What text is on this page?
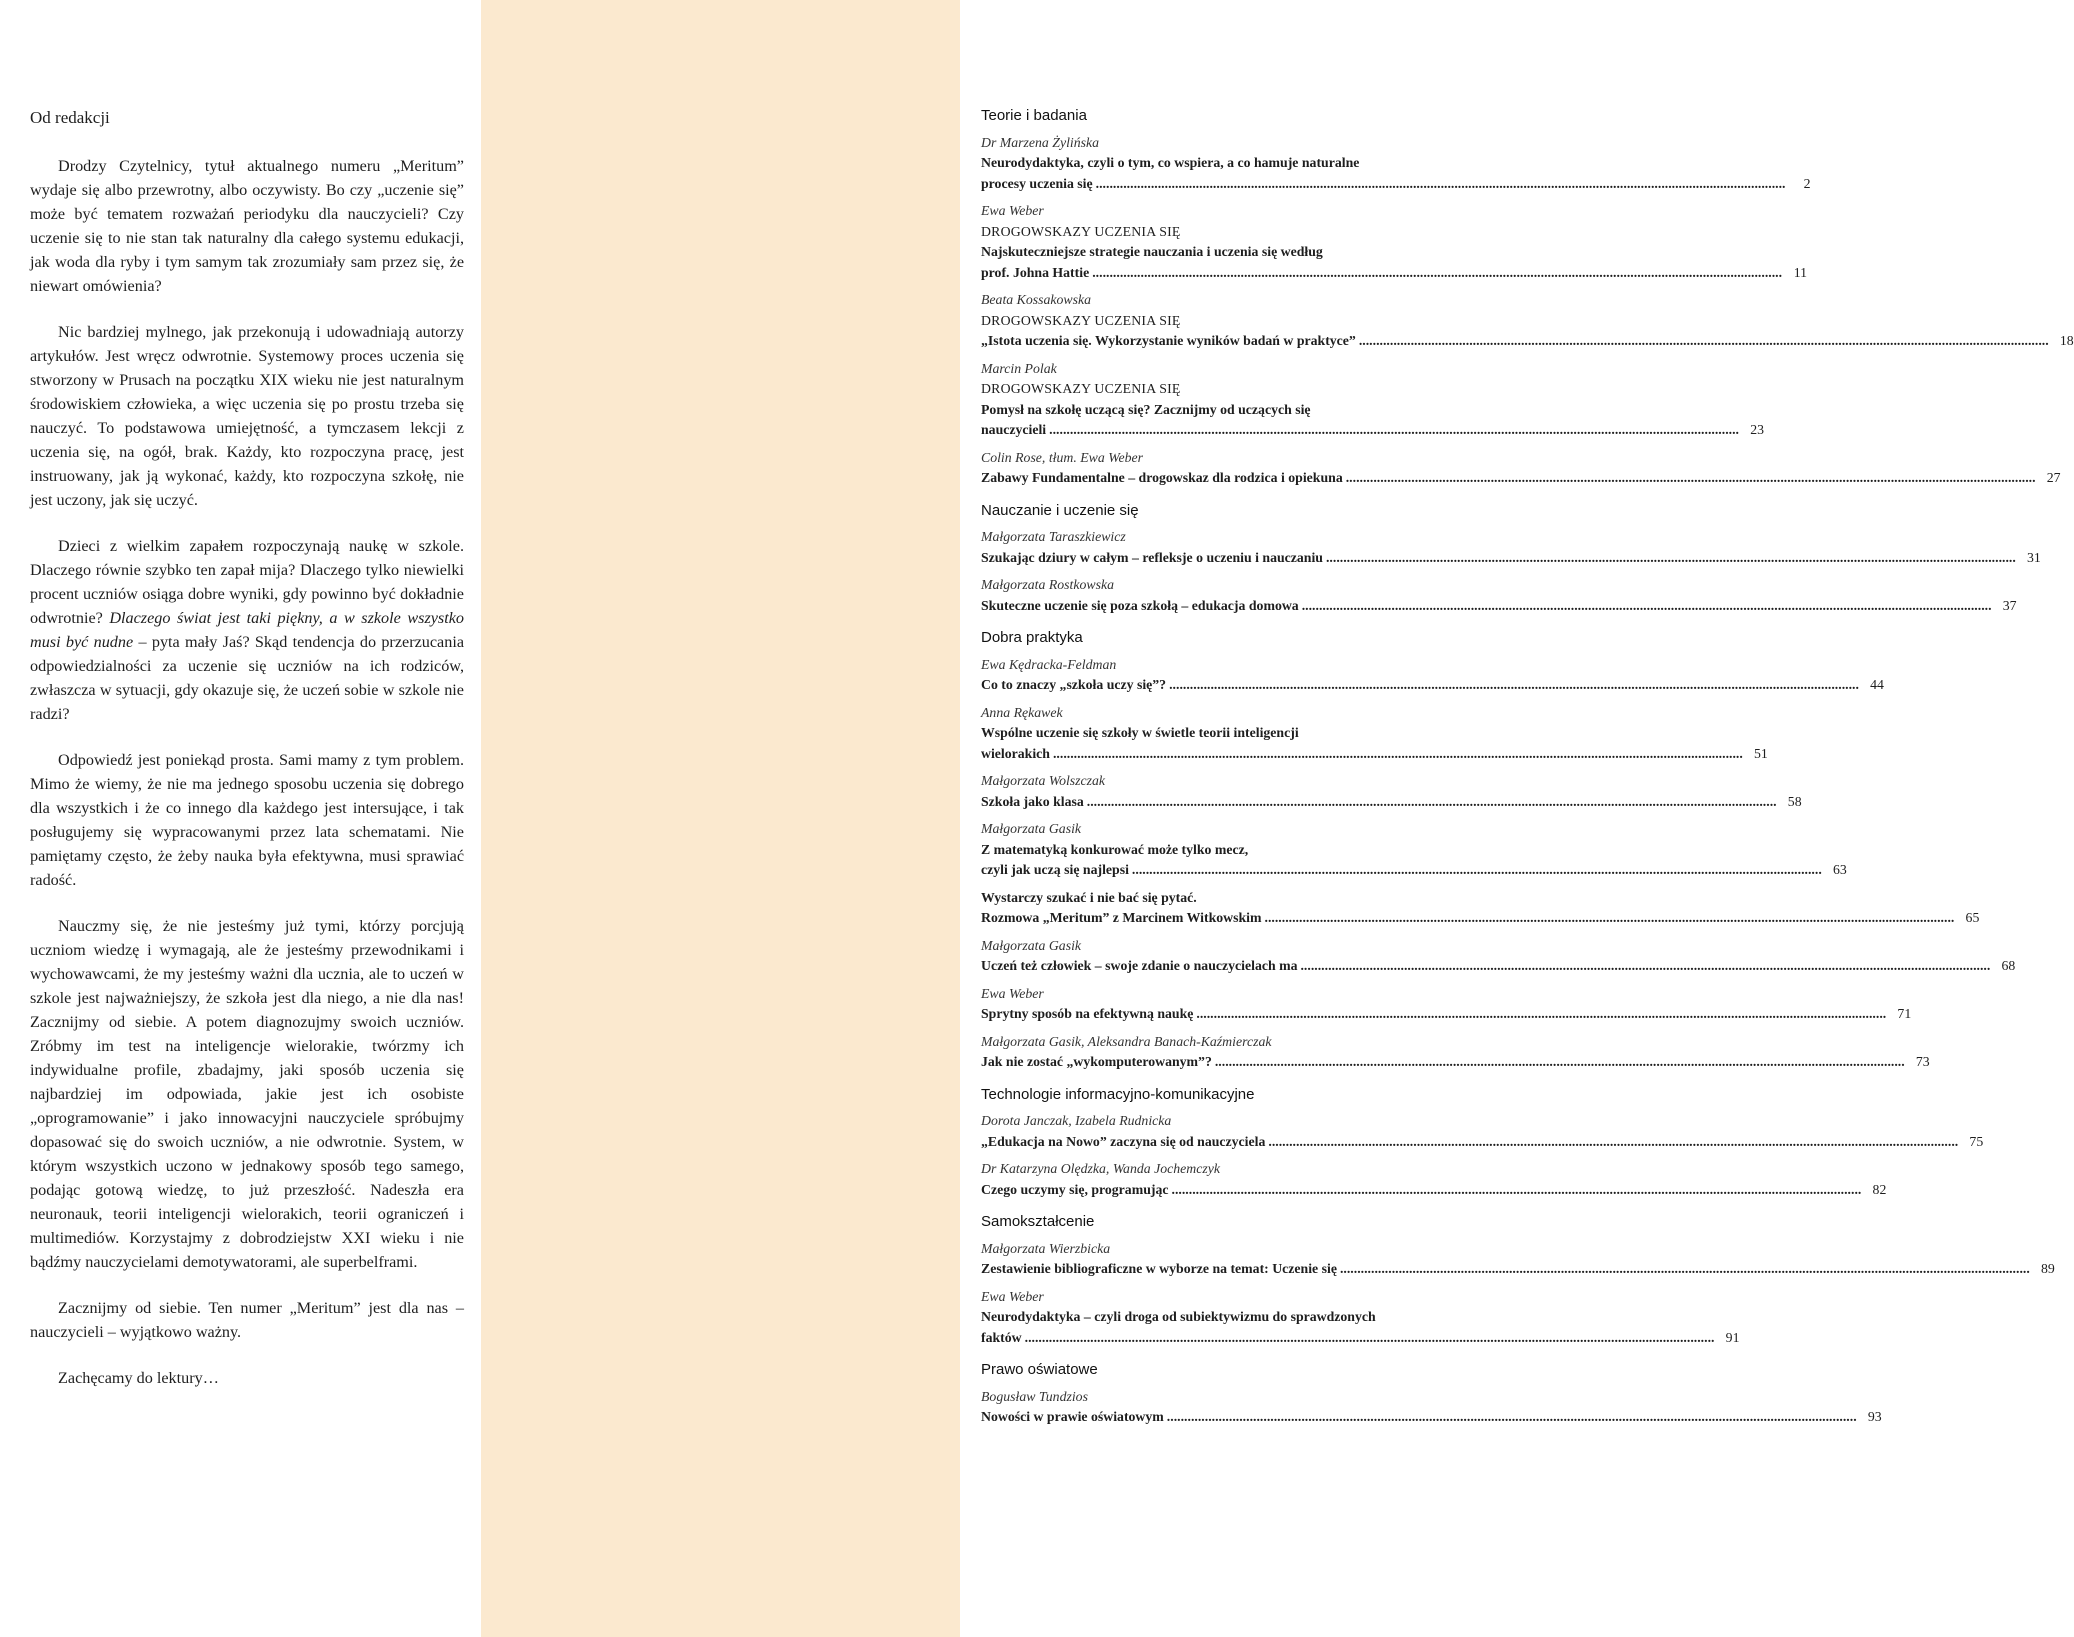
Od redakcji

Drodzy Czytelnicy, tytuł aktualnego numeru „Meritum” wydaje się albo przewrotny, albo oczywisty. Bo czy „uczenie się” może być tematem rozważań periodyku dla nauczycieli? Czy uczenie się to nie stan tak naturalny dla całego systemu edukacji, jak woda dla ryby i tym samym tak zrozumiały sam przez się, że niewart omówienia?

Nic bardziej mylnego, jak przekonują i udowadniają autorzy artykułów. Jest wręcz odwrotnie. Systemowy proces uczenia się stworzony w Prusach na początku XIX wieku nie jest naturalnym środowiskiem człowieka, a więc uczenia się po prostu trzeba się nauczyć. To podstawowa umiejętność, a tymczasem lekcji z uczenia się, na ogół, brak. Każdy, kto rozpoczyna pracę, jest instruowany, jak ją wykonać, każdy, kto rozpoczyna szkołę, nie jest uczony, jak się uczyć.

Dzieci z wielkim zapałem rozpoczynają naukę w szkole. Dlaczego równie szybko ten zapał mija? Dlaczego tylko niewielki procent uczniów osiąga dobre wyniki, gdy powinno być dokładnie odwrotnie? Dlaczego świat jest taki piękny, a w szkole wszystko musi być nudne – pyta mały Jaś? Skąd tendencja do przerzucania odpowiedzialności za uczenie się uczniów na ich rodziców, zwłaszcza w sytuacji, gdy okazuje się, że uczeń sobie w szkole nie radzi?

Odpowiedź jest poniekąd prosta. Sami mamy z tym problem. Mimo że wiemy, że nie ma jednego sposobu uczenia się dobrego dla wszystkich i że co innego dla każdego jest intersujące, i tak posługujemy się wypracowanymi przez lata schematami. Nie pamiętamy często, że żeby nauka była efektywna, musi sprawiać radość.

Nauczmy się, że nie jesteśmy już tymi, którzy porcjują uczniom wiedzę i wymagają, ale że jesteśmy przewodnikami i wychowawcami, że my jesteśmy ważni dla ucznia, ale to uczeń w szkole jest najważniejszy, że szkoła jest dla niego, a nie dla nas! Zacznijmy od siebie. A potem diagnozujmy swoich uczniów. Zróbmy im test na inteligencje wielorakie, twórzmy ich indywidualne profile, zbadajmy, jaki sposób uczenia się najbardziej im odpowiada, jakie jest ich osobiste „oprogramowanie” i jako innowacyjni nauczyciele spróbujmy dopasować się do swoich uczniów, a nie odwrotnie. System, w którym wszystkich uczono w jednakowy sposób tego samego, podając gotową wiedzę, to już przeszłość. Nadeszła era neuronauk, teorii inteligencji wielorakich, teorii ograniczeń i multimediów. Korzystajmy z dobrodziejstw XXI wieku i nie bądźmy nauczycielami demotywatorami, ale superbelframi.

Zacznijmy od siebie. Ten numer „Meritum” jest dla nas – nauczycieli – wyjątkowo ważny.

Zachęcamy do lektury…

Teorie i badania
Dr Marzena Żylińska
Neurodydaktyka, czyli o tym, co wspiera, a co hamuje naturalne
procesy uczenia się .....	2
Ewa Weber
DROGOWSKAZY UCZENIA SIĘ
Najskuteczniejsze strategie nauczania i uczenia się według
prof. Johna Hattie .....	11
Beata Kossakowska
DROGOWSKAZY UCZENIA SIĘ
„Istota uczenia się. Wykorzystanie wyników badań w praktyce” .....	18
Marcin Polak
DROGOWSKAZY UCZENIA SIĘ
Pomysł na szkołę uczącą się? Zacznijmy od uczących się
nauczycieli .....	23
Colin Rose, tłum. Ewa Weber
Zabawy Fundamentalne – drogowskaz dla rodzica i opiekuna .....	27
Nauczanie i uczenie się
Małgorzata Taraszkiewicz
Szukając dziury w całym – refleksje o uczeniu i nauczaniu .....	31
Małgorzata Rostkowska
Skuteczne uczenie się poza szkołą – edukacja domowa .....	37
Dobra praktyka
Ewa Kędracka-Feldman
Co to znaczy „szkoła uczy się”? .....	44
Anna Rękawek
Wspólne uczenie się szkoły w świetle teorii inteligencji
wielorakich .....	51
Małgorzata Wolszczak
Szkoła jako klasa .....	58
Małgorzata Gasik
Z matematyką konkurować może tylko mecz,
czyli jak uczą się najlepsi .....	63
Wystarczy szukać i nie bać się pytać.
Rozmowa „Meritum” z Marcinem Witkowskim .....	65
Małgorzata Gasik
Uczeń też człowiek – swoje zdanie o nauczycielach ma .....	68
Ewa Weber
Sprytny sposób na efektywną naukę .....	71
Małgorzata Gasik, Aleksandra Banach-Kaźmierczak
Jak nie zostać „wykomputerowanym”? .....	73
Technologie informacyjno-komunikacyjne
Dorota Janczak, Izabela Rudnicka
„Edukacja na Nowo” zaczyna się od nauczyciela .....	75
Dr Katarzyna Olędzka, Wanda Jochemczyk
Czego uczymy się, programując .....	82
Samokształcenie
Małgorzata Wierzbicka
Zestawienie bibliograficzne w wyborze na temat: Uczenie się .....	89
Ewa Weber
Neurodydaktyka – czyli droga od subiektywizmu do sprawdzonych
faktów .....	91
Prawo oświatowe
Bogusław Tundzios
Nowości w prawie oświatowym .....	93
